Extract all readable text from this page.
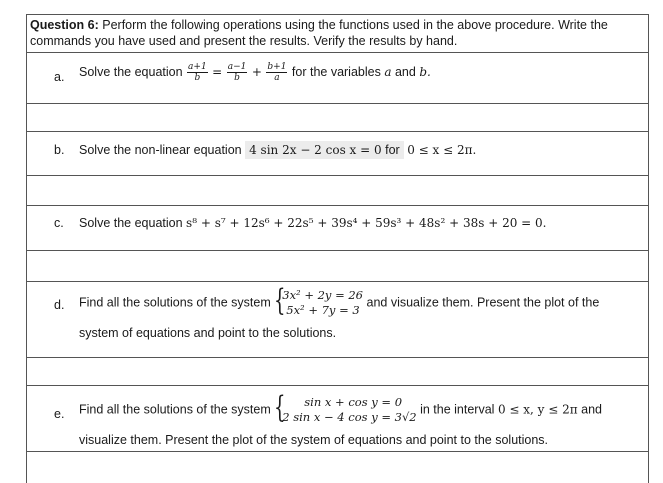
Question 6: Perform the following operations using the functions used in the above procedure. Write the commands you have used and present the results. Verify the results by hand.
a. Solve the equation $\frac{a+1}{b} = \frac{a-1}{b} + \frac{b+1}{a}$ for the variables a and b.
b. Solve the non-linear equation 4 sin 2x − 2 cos x = 0 for 0 ≤ x ≤ 2π.
c. Solve the equation s⁸ + s⁷ + 12s⁶ + 22s⁵ + 39s⁴ + 59s³ + 48s² + 38s + 20 = 0.
d. Find all the solutions of the system {
3x² + 2y = 26
5x² + 7y = 3
and visualize them. Present the plot of the
system of equations and point to the solutions.
e. Find all the solutions of the system {	sin x + cos y = 0
2 sin x − 4 cos y = 3√2
in the interval 0 ≤ x, y ≤ 2π and
visualize them. Present the plot of the system of equations and point to the solutions.
